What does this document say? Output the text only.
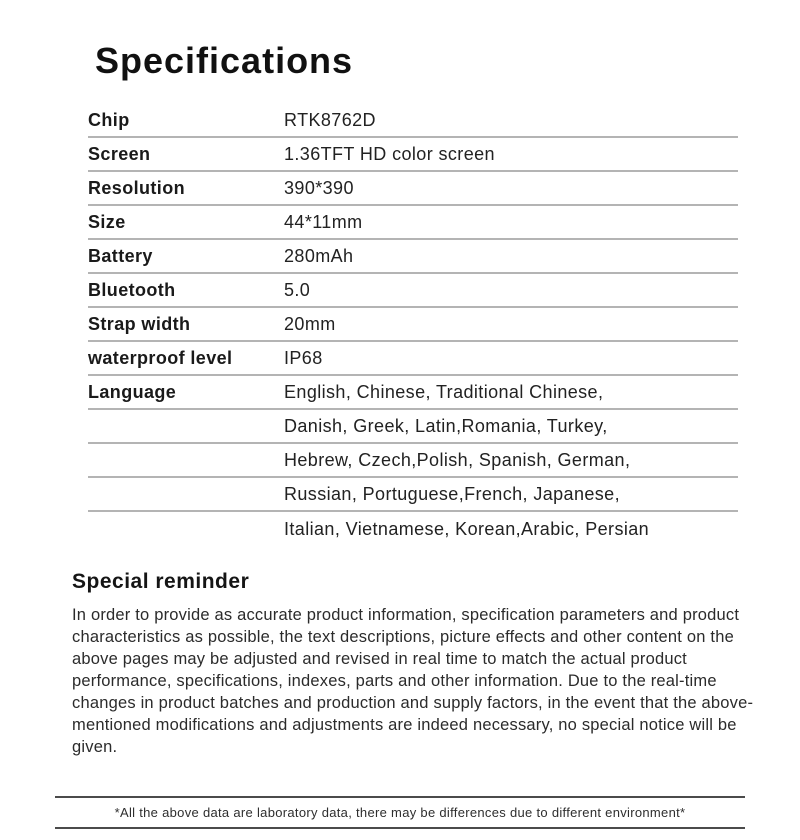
Specifications
Chip	RTK8762D
Screen	1.36TFT HD color screen
Resolution	390*390
Size	44*11mm
Battery	280mAh
Bluetooth	5.0
Strap width	20mm
waterproof level	IP68
Language	English, Chinese, Traditional Chinese,
Danish, Greek, Latin,Romania, Turkey,
Hebrew, Czech,Polish, Spanish, German,
Russian, Portuguese,French, Japanese,
Italian, Vietnamese, Korean,Arabic, Persian
Special reminder

In order to provide as accurate product information, specification parameters and product characteristics as possible, the text descriptions, picture effects and other content on the above pages may be adjusted and revised in real time to match the actual product performance, specifications, indexes, parts and other information. Due to the real-time changes in product batches and production and supply factors, in the event that the above-mentioned modifications and adjustments are indeed necessary, no special notice will be given.

*All the above data are laboratory data, there may be differences due to different environment*
